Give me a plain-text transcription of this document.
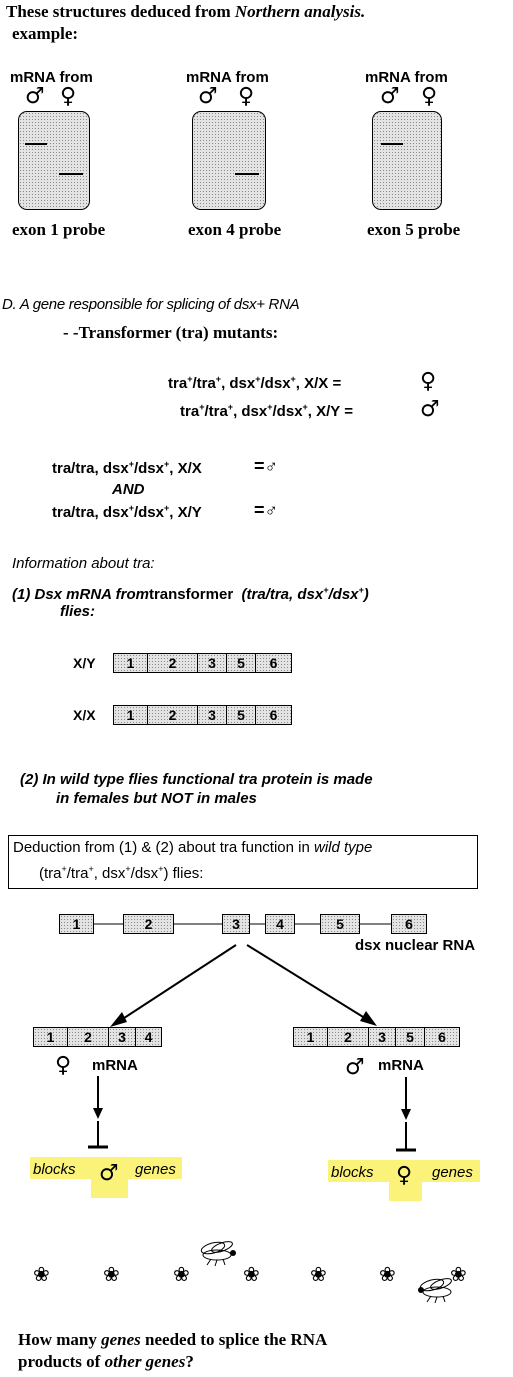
These structures deduced from Northern analysis.
example:
mRNA from
♂ ♀
exon 1 probe
mRNA from
♂ ♀
exon 4 probe
mRNA from
♂ ♀
exon 5 probe
D. A gene responsible for splicing of dsx+ RNA
- -Transformer (tra) mutants:
tra+/tra+, dsx+/dsx+, X/X =	♀
tra+/tra+, dsx+/dsx+, X/Y =	♂
tra/tra, dsx+/dsx+, X/X	=♂
AND
tra/tra, dsx+/dsx+, X/Y	=♂
Information about tra:
(1) Dsx mRNA fromtransformer (tra/tra, dsx+/dsx+)
flies:
X/Y	1	2	3	5	6
X/X	1	2	3	5	6
(2) In wild type flies functional tra protein is made
in females but NOT in males
Deduction from (1) & (2) about tra function in wild type
(tra+/tra+, dsx+/dsx+) flies:
1	2	3	4	5	6
dsx nuclear RNA
1	2	3	4
♀ mRNA
blocks ♂ genes
1	2	3	5	6
♂ mRNA
blocks ♀ genes
❀	❀	❀	❀	❀	❀	❀
How many genes needed to splice the RNA
products of other genes?
